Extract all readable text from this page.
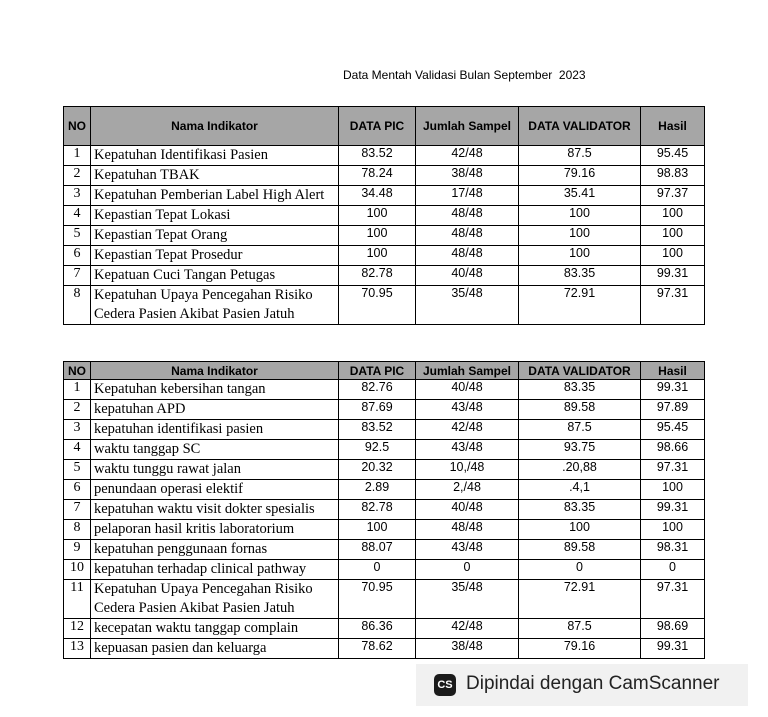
Data Mentah Validasi Bulan September  2023
NO	Nama Indikator	DATA PIC	Jumlah Sampel	DATA VALIDATOR	Hasil
1	Kepatuhan Identifikasi Pasien	83.52	42/48	87.5	95.45
2	Kepatuhan TBAK	78.24	38/48	79.16	98.83
3	Kepatuhan Pemberian Label High Alert	34.48	17/48	35.41	97.37
4	Kepastian Tepat Lokasi	100	48/48	100	100
5	Kepastian Tepat Orang	100	48/48	100	100
6	Kepastian Tepat Prosedur	100	48/48	100	100
7	Kepatuan Cuci Tangan Petugas	82.78	40/48	83.35	99.31
8	Kepatuhan Upaya Pencegahan Risiko Cedera Pasien Akibat Pasien Jatuh	70.95	35/48	72.91	97.31
NO	Nama Indikator	DATA PIC	Jumlah Sampel	DATA VALIDATOR	Hasil
1	Kepatuhan kebersihan tangan	82.76	40/48	83.35	99.31
2	kepatuhan APD	87.69	43/48	89.58	97.89
3	kepatuhan identifikasi pasien	83.52	42/48	87.5	95.45
4	waktu tanggap SC	92.5	43/48	93.75	98.66
5	waktu tunggu rawat jalan	20.32	10,/48	.20,88	97.31
6	penundaan operasi elektif	2.89	2,/48	.4,1	100
7	kepatuhan waktu visit dokter spesialis	82.78	40/48	83.35	99.31
8	pelaporan hasil kritis laboratorium	100	48/48	100	100
9	kepatuhan penggunaan fornas	88.07	43/48	89.58	98.31
10	kepatuhan terhadap clinical pathway	0	0	0	0
11	Kepatuhan Upaya Pencegahan Risiko Cedera Pasien Akibat Pasien Jatuh	70.95	35/48	72.91	97.31
12	kecepatan waktu tanggap complain	86.36	42/48	87.5	98.69
13	kepuasan pasien dan keluarga	78.62	38/48	79.16	99.31
CS Dipindai dengan CamScanner
